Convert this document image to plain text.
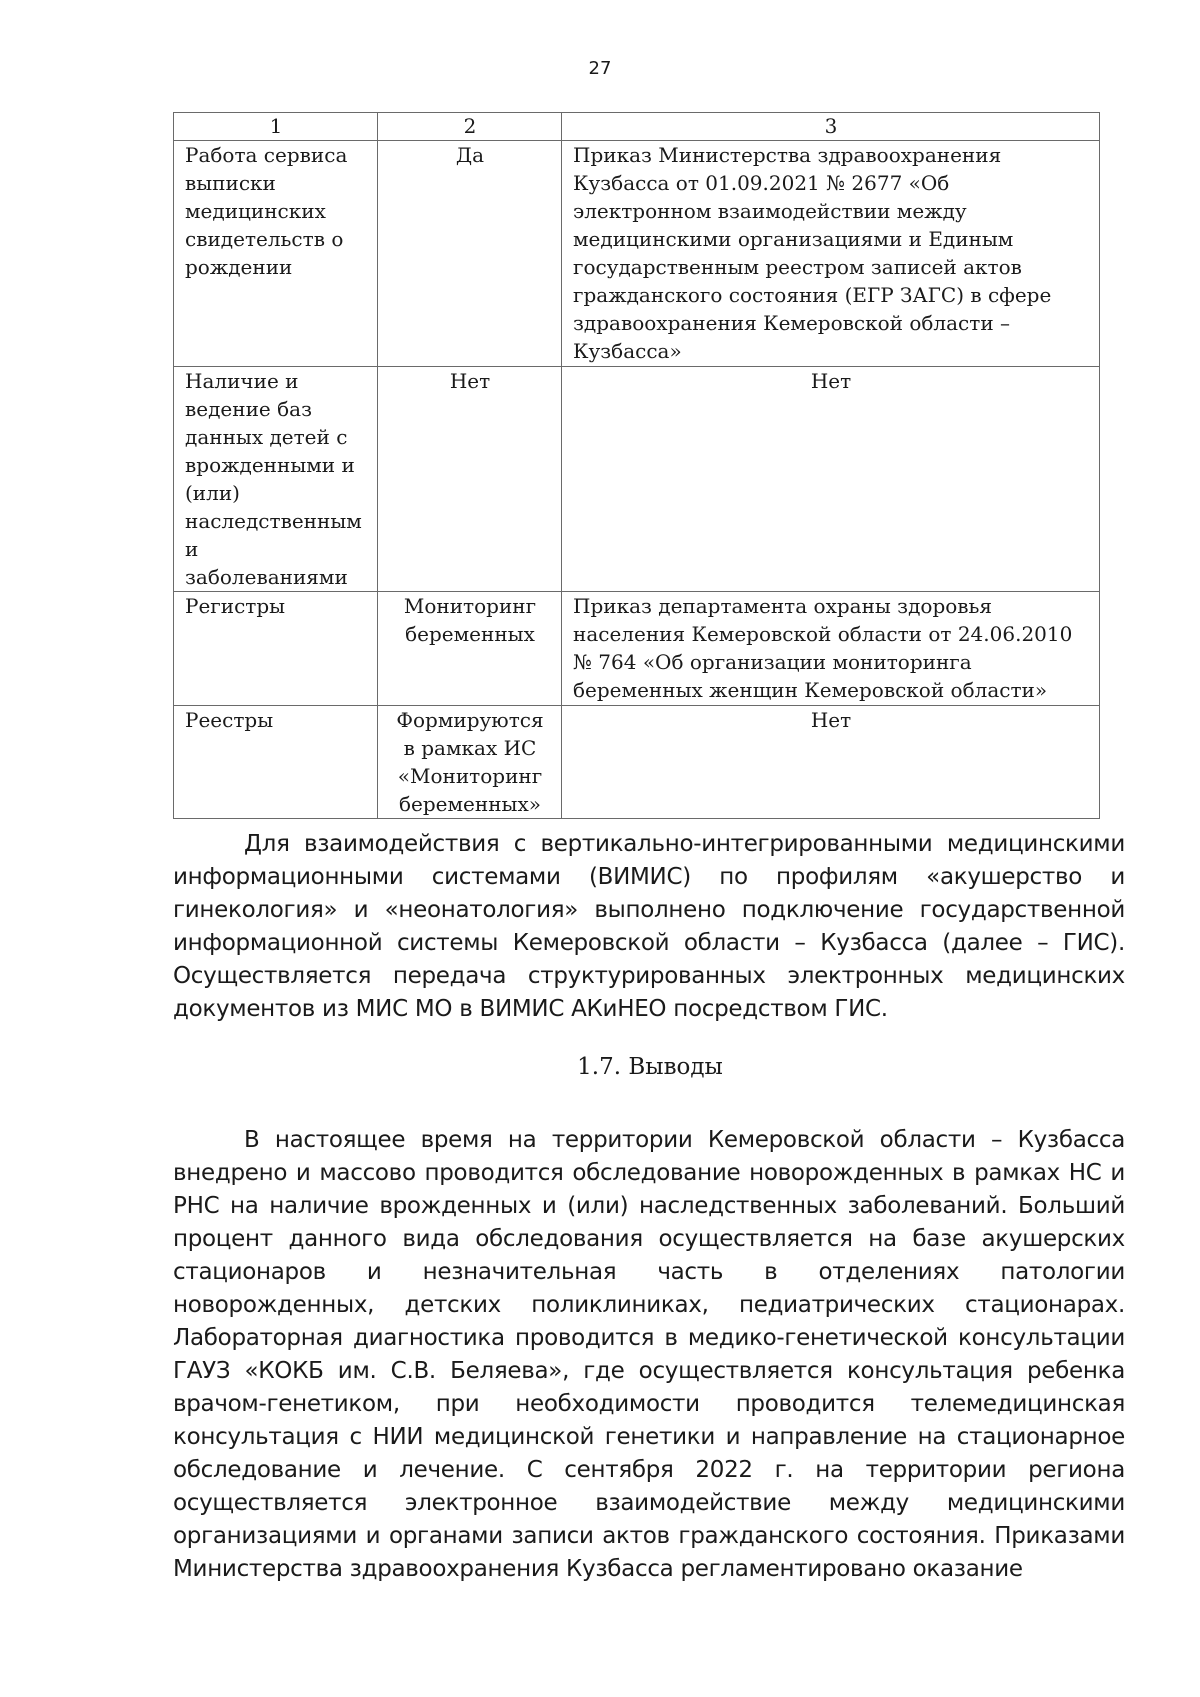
27
1	2	3
Работа сервиса выписки медицинских свидетельств о рождении	Да	Приказ Министерства здравоохранения Кузбасса от 01.09.2021 № 2677 «Об электронном взаимодействии между медицинскими организациями и Единым государственным реестром записей актов гражданского состояния (ЕГР ЗАГС) в сфере здравоохранения Кемеровской области – Кузбасса»
Наличие и ведение баз данных детей с врожденными и (или) наследственным и заболеваниями	Нет	Нет
Регистры	Мониторинг беременных	Приказ департамента охраны здоровья населения Кемеровской области от 24.06.2010 № 764 «Об организации мониторинга беременных женщин Кемеровской области»
Реестры	Формируются в рамках ИС «Мониторинг беременных»	Нет

Для взаимодействия с вертикально-интегрированными медицинскими информационными системами (ВИМИС) по профилям «акушерство и гинекология» и «неонатология» выполнено подключение государственной информационной системы Кемеровской области – Кузбасса (далее – ГИС). Осуществляется передача структурированных электронных медицинских документов из МИС МО в ВИМИС АКиНЕО посредством ГИС.

1.7. Выводы

В настоящее время на территории Кемеровской области – Кузбасса внедрено и массово проводится обследование новорожденных в рамках НС и РНС на наличие врожденных и (или) наследственных заболеваний. Больший процент данного вида обследования осуществляется на базе акушерских стационаров и незначительная часть в отделениях патологии новорожденных, детских поликлиниках, педиатрических стационарах. Лабораторная диагностика проводится в медико-генетической консультации ГАУЗ «КОКБ им. С.В. Беляева», где осуществляется консультация ребенка врачом-генетиком, при необходимости проводится телемедицинская консультация с НИИ медицинской генетики и направление на стационарное обследование и лечение. С сентября 2022 г. на территории региона осуществляется электронное взаимодействие между медицинскими организациями и органами записи актов гражданского состояния. Приказами Министерства здравоохранения Кузбасса регламентировано оказание
